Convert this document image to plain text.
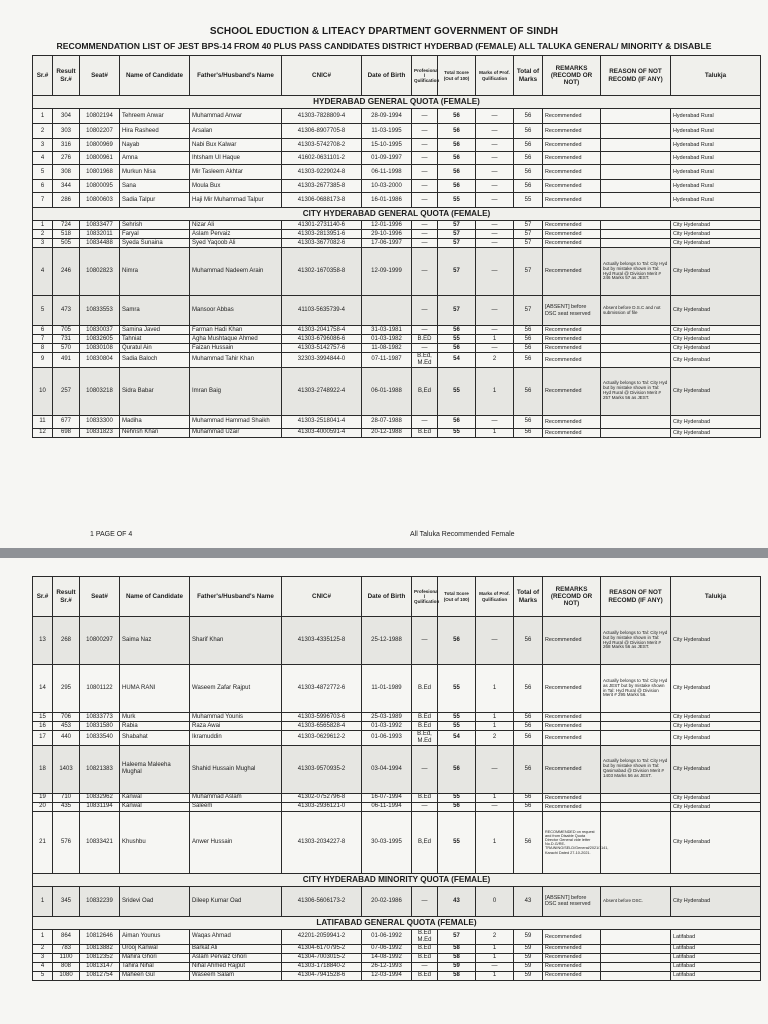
SCHOOL EDUCTION & LITEACY DPARTMENT GOVERNMENT OF SINDH
RECOMMENDATION LIST OF JEST BPS-14 FROM 40 PLUS PASS CANDIDATES DISTRICT HYDERBAD (FEMALE) ALL TALUKA GENERAL/ MINORITY & DISABLE
Sr.#	Result Sr.#	Seat#	Name of Candidate	Father's/Husband's Name	CNIC#	Date of Birth	Profesiona l Qulification	Total Score (Out of 100)	Marks of Prof. Qulification	Total of Marks	REMARKS (RECOMD OR NOT)	REASON OF NOT RECOMD (IF ANY)	Talukja
HYDERABAD GENERAL QUOTA (FEMALE)													
1	304	10802194	Tehreem Anwar	Muhammad Anwar	41303-7828809-4	28-09-1994	—	56	—	56	Recommended		Hyderabad Rural
2	303	10802207	Hira Rasheed	Arsalan	41306-8907705-8	11-03-1995	—	56	—	56	Recommended		Hyderabad Rural
3	316	10800969	Nayab	Nabi Bux Kalwar	41303-5742708-2	15-10-1995	—	56	—	56	Recommended		Hyderabad Rural
4	276	10800961	Amna	Ihtsham Ul Haque	41602-0631101-2	01-09-1997	—	56	—	56	Recommended		Hyderabad Rural
5	308	10801968	Murkun Nisa	Mir Tasleem Akhtar	41303-9229024-8	06-11-1998	—	56	—	56	Recommended		Hyderabad Rural
6	344	10800095	Sana	Moula Bux	41303-2677385-8	10-03-2000	—	56	—	56	Recommended		Hyderabad Rural
7	286	10800603	Sadia Talpur	Haji Mir Muhammad Talpur	41306-0688173-8	16-01-1986	—	55	—	55	Recommended		Hyderabad Rural
CITY HYDERABAD GENERAL QUOTA (FEMALE)													
1	724	10833477	Sehrish	Nizar Ali	41301-2731140-6	12-01-1996	—	57	—	57	Recommended		City Hyderabad
2	518	10832011	Faryal	Aslam Pervaiz	41303-2813951-6	29-10-1996	—	57	—	57	Recommended		City Hyderabad
3	505	10834488	Syeda Sunaina	Syed Yaqoob Ali	41303-3677082-6	17-06-1997	—	57	—	57	Recommended		City Hyderabad
4	246	10802823	Nimra	Muhammad Nadeem Arain	41302-1670358-8	12-09-1999	—	57	—	57	Recommended	Actually belongs to Tal: City Hyd but by mistake shown in Tal: Hyd Rural @ Division Merit # 246 Marks 57 as JEST.	City Hyderabad
5	473	10833553	Samra	Mansoor Abbas	41103-5635739-4		—	57	—	57	[ABSENT] before DSC seat reserved	Absent before D.S.C and not submission of file	City Hyderabad
6	705	10830037	Samina Javed	Farman Hadi Khan	41303-2041758-4	31-03-1981	—	56	—	56	Recommended		City Hyderabad
7	731	10832605	Tahniat	Agha Mushtaque Ahmed	41303-6796086-6	01-03-1982	B.ED	55	1	56	Recommended		City Hyderabad
8	570	10830108	Quratul Ain	Faizan Hussain	41303-5142757-6	11-08-1982	—	56	—	56	Recommended		City Hyderabad
9	491	10830804	Sadia Baloch	Muhammad Tahir Khan	32303-3994844-0	07-11-1987	B.Ed, M.Ed	54	2	56	Recommended		City Hyderabad
10	257	10803218	Sidra Babar	Imran Baig	41303-2748922-4	06-01-1988	B,Ed	55	1	56	Recommended	Actually belongs to Tal: City Hyd but by mistake shown in Tal: Hyd Rural @ Division Merit # 257 Marks 56 as JEST.	City Hyderabad
11	677	10833300	Madiha	Muhammad Hammad Shaikh	41303-2518041-4	28-07-1988	—	56	—	56	Recommended		City Hyderabad
12	698	10831823	Nehrish Khan	Muhammad Uzair	41303-4000591-4	20-12-1988	B.Ed	55	1	56	Recommended		City Hyderabad
1 PAGE OF 4	All Taluka Recommended Female
Sr.#	Result Sr.#	Seat#	Name of Candidate	Father's/Husband's Name	CNIC#	Date of Birth	Profesiona l Qulification	Total Score (Out of 100)	Marks of Prof. Qulification	Total of Marks	REMARKS (RECOMD OR NOT)	REASON OF NOT RECOMD (IF ANY)	Talukja
13	268	10800297	Saima Naz	Sharif Khan	41303-4335125-8	25-12-1988	—	56	—	56	Recommended	Actually belongs to Tal: City Hyd but by mistake shown in Tal: Hyd Rural @ Division Merit # 268 Marks 56 as JEST.	City Hyderabad
14	295	10801122	HUMA RANI	Waseem Zafar Rajput	41303-4872772-6	11-01-1989	B.Ed	55	1	56	Recommended	Actually belongs to Tal: City Hyd as JEST but by mistake shown in Tal: Hyd Rural @ Division Merit # 295 Marks 56.	City Hyderabad
15	706	10833773	Murk	Muhammad Younis	41303-5996703-6	25-03-1989	B.Ed	55	1	56	Recommended		City Hyderabad
16	453	10831580	Rabia	Raza Awai	41303-6565828-4	01-03-1992	B.Ed	55	1	56	Recommended		City Hyderabad
17	440	10833540	Shabahat	Ikramuddin	41303-0629612-2	01-06-1993	B.Ed, M.Ed	54	2	56	Recommended		City Hyderabad
18	1403	10821383	Haleema Maleeha Mughal	Shahid Hussain Mughal	41303-9570935-2	03-04-1994	—	56	—	56	Recommended	Actually belongs to Tal: City Hyd but by mistake shown in Tal: Qasimabad @ Division Merit # 1403 Marks 56 as JEST.	City Hyderabad
19	710	10832962	Kanwal	Muhammad Aslam	41302-0752796-8	16-07-1994	B.Ed	55	1	56	Recommended		City Hyderabad
20	435	10831194	Kanwal	Saleem	41303-2936121-0	06-11-1994	—	56	—	56	Recommended		City Hyderabad
21	576	10833421	Khushbu	Anwer Hussain	41303-2034227-8	30-03-1995	B,Ed	55	1	56	RECOMMENDED on request and from Disable Quota Director General vide letter No.D.G/RE-TRAINING/SELD/General/2021/1141, Karachi Dated 27-10-2021.		City Hyderabad
CITY HYDERABAD MINORITY QUOTA (FEMALE)													
1	345	10832239	Sridevi Oad	Dileep Kumar Oad	41306-5606173-2	20-02-1986	—	43	0	43	[ABSENT] before DSC seat reserved	Absent before DSC.	City Hyderabad
LATIFABAD GENERAL QUOTA (FEMALE)													
1	864	10812646	Aiman Younus	Waqas Ahmad	42201-2059941-2	01-06-1992	B.Ed M.Ed	57	2	59	Recommended		Latifabad
2	783	10813882	Urooj Kanwal	Barkat Ali	41304-6170795-2	07-06-1992	B.Ed	58	1	59	Recommended		Latifabad
3	1100	10812352	Mahira Ghori	Aslam Pervaiz Ghori	41304-7003015-2	14-08-1992	B.Ed	58	1	59	Recommended		Latifabad
4	808	10813147	Tahira Nihal	Nihal Ahmed Rajput	41303-1718840-2	26-12-1993	—	59	—	59	Recommended		Latifabad
5	1080	10812754	Maheen Gul	Waseem Salam	41304-7941528-6	12-03-1994	B.Ed	58	1	59	Recommended		Latifabad
